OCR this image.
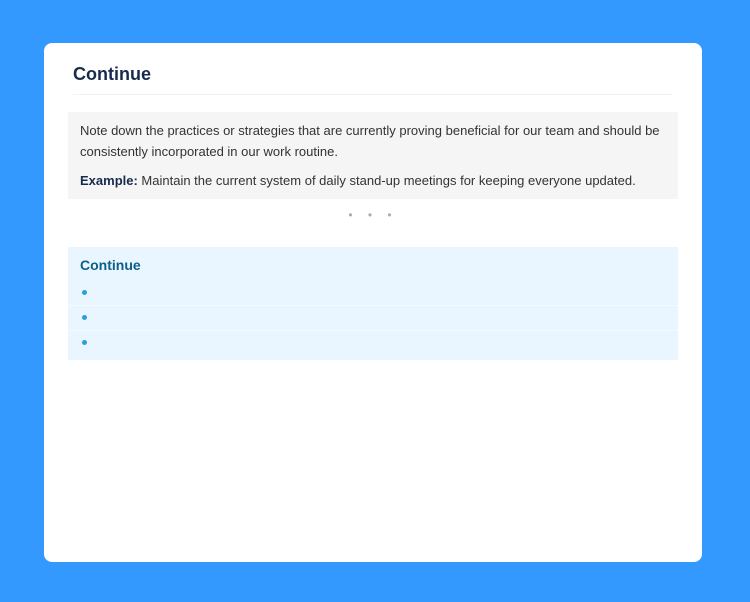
Continue

Note down the practices or strategies that are currently proving beneficial for our team and should be consistently incorporated in our work routine.

Example: Maintain the current system of daily stand-up meetings for keeping everyone updated.

• • •
Continue
